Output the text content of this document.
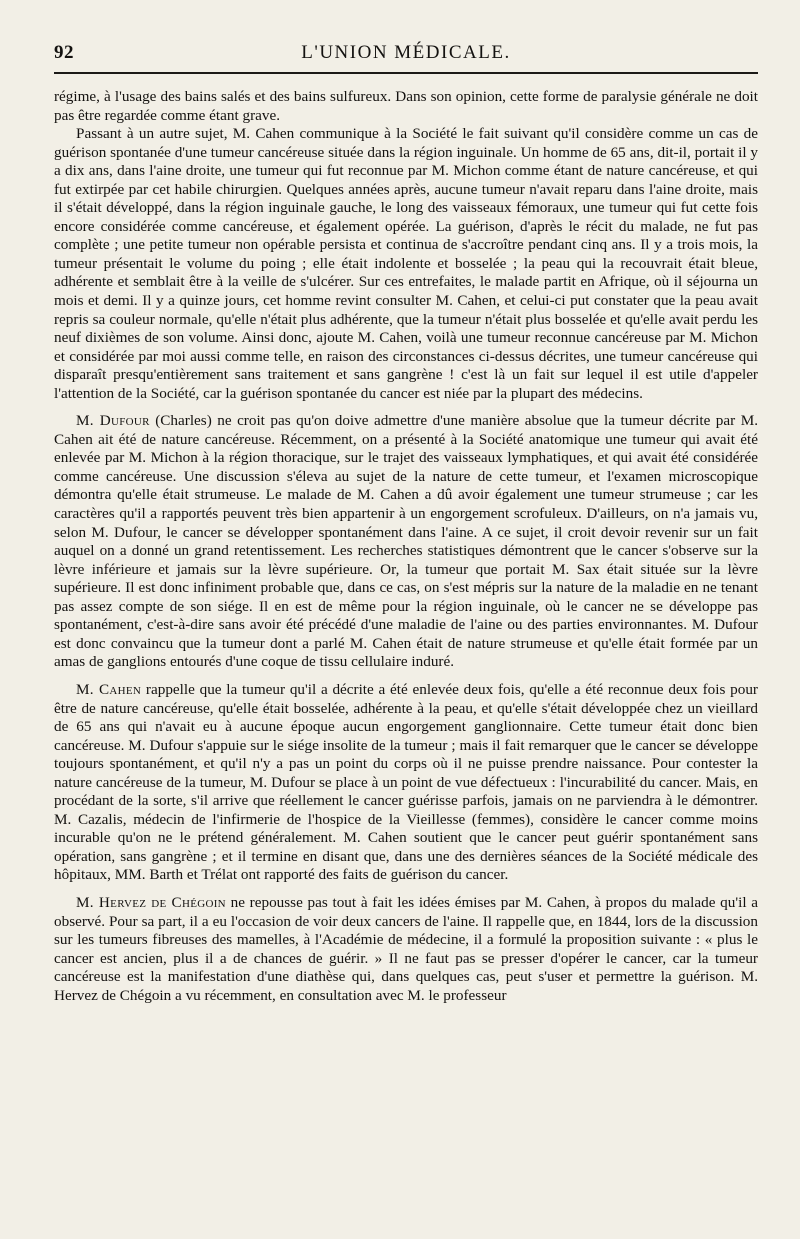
92	L'UNION MÉDICALE.

régime, à l'usage des bains salés et des bains sulfureux. Dans son opinion, cette forme de paralysie générale ne doit pas être regardée comme étant grave.

Passant à un autre sujet, M. Cahen communique à la Société le fait suivant qu'il considère comme un cas de guérison spontanée d'une tumeur cancéreuse située dans la région inguinale. Un homme de 65 ans, dit-il, portait il y a dix ans, dans l'aine droite, une tumeur qui fut reconnue par M. Michon comme étant de nature cancéreuse, et qui fut extirpée par cet habile chirurgien. Quelques années après, aucune tumeur n'avait reparu dans l'aine droite, mais il s'était développé, dans la région inguinale gauche, le long des vaisseaux fémoraux, une tumeur qui fut cette fois encore considérée comme cancéreuse, et également opérée. La guérison, d'après le récit du malade, ne fut pas complète ; une petite tumeur non opérable persista et continua de s'accroître pendant cinq ans. Il y a trois mois, la tumeur présentait le volume du poing ; elle était indolente et bosselée ; la peau qui la recouvrait était bleue, adhérente et semblait être à la veille de s'ulcérer. Sur ces entrefaites, le malade partit en Afrique, où il séjourna un mois et demi. Il y a quinze jours, cet homme revint consulter M. Cahen, et celui-ci put constater que la peau avait repris sa couleur normale, qu'elle n'était plus adhérente, que la tumeur n'était plus bosselée et qu'elle avait perdu les neuf dixièmes de son volume. Ainsi donc, ajoute M. Cahen, voilà une tumeur reconnue cancéreuse par M. Michon et considérée par moi aussi comme telle, en raison des circonstances ci-dessus décrites, une tumeur cancéreuse qui disparaît presqu'entièrement sans traitement et sans gangrène ! c'est là un fait sur lequel il est utile d'appeler l'attention de la Société, car la guérison spontanée du cancer est niée par la plupart des médecins.

M. Dufour (Charles) ne croit pas qu'on doive admettre d'une manière absolue que la tumeur décrite par M. Cahen ait été de nature cancéreuse. Récemment, on a présenté à la Société anatomique une tumeur qui avait été enlevée par M. Michon à la région thoracique, sur le trajet des vaisseaux lymphatiques, et qui avait été considérée comme cancéreuse. Une discussion s'éleva au sujet de la nature de cette tumeur, et l'examen microscopique démontra qu'elle était strumeuse. Le malade de M. Cahen a dû avoir également une tumeur strumeuse ; car les caractères qu'il a rapportés peuvent très bien appartenir à un engorgement scrofuleux. D'ailleurs, on n'a jamais vu, selon M. Dufour, le cancer se développer spontanément dans l'aine. A ce sujet, il croit devoir revenir sur un fait auquel on a donné un grand retentissement. Les recherches statistiques démontrent que le cancer s'observe sur la lèvre inférieure et jamais sur la lèvre supérieure. Or, la tumeur que portait M. Sax était située sur la lèvre supérieure. Il est donc infiniment probable que, dans ce cas, on s'est mépris sur la nature de la maladie en ne tenant pas assez compte de son siége. Il en est de même pour la région inguinale, où le cancer ne se développe pas spontanément, c'est-à-dire sans avoir été précédé d'une maladie de l'aine ou des parties environnantes. M. Dufour est donc convaincu que la tumeur dont a parlé M. Cahen était de nature strumeuse et qu'elle était formée par un amas de ganglions entourés d'une coque de tissu cellulaire induré.

M. Cahen rappelle que la tumeur qu'il a décrite a été enlevée deux fois, qu'elle a été reconnue deux fois pour être de nature cancéreuse, qu'elle était bosselée, adhérente à la peau, et qu'elle s'était développée chez un vieillard de 65 ans qui n'avait eu à aucune époque aucun engorgement ganglionnaire. Cette tumeur était donc bien cancéreuse. M. Dufour s'appuie sur le siége insolite de la tumeur ; mais il fait remarquer que le cancer se développe toujours spontanément, et qu'il n'y a pas un point du corps où il ne puisse prendre naissance. Pour contester la nature cancéreuse de la tumeur, M. Dufour se place à un point de vue défectueux : l'incurabilité du cancer. Mais, en procédant de la sorte, s'il arrive que réellement le cancer guérisse parfois, jamais on ne parviendra à le démontrer. M. Cazalis, médecin de l'infirmerie de l'hospice de la Vieillesse (femmes), considère le cancer comme moins incurable qu'on ne le prétend généralement. M. Cahen soutient que le cancer peut guérir spontanément sans opération, sans gangrène ; et il termine en disant que, dans une des dernières séances de la Société médicale des hôpitaux, MM. Barth et Trélat ont rapporté des faits de guérison du cancer.

M. Hervez de Chégoin ne repousse pas tout à fait les idées émises par M. Cahen, à propos du malade qu'il a observé. Pour sa part, il a eu l'occasion de voir deux cancers de l'aine. Il rappelle que, en 1844, lors de la discussion sur les tumeurs fibreuses des mamelles, à l'Académie de médecine, il a formulé la proposition suivante : « plus le cancer est ancien, plus il a de chances de guérir. » Il ne faut pas se presser d'opérer le cancer, car la tumeur cancéreuse est la manifestation d'une diathèse qui, dans quelques cas, peut s'user et permettre la guérison. M. Hervez de Chégoin a vu récemment, en consultation avec M. le professeur
